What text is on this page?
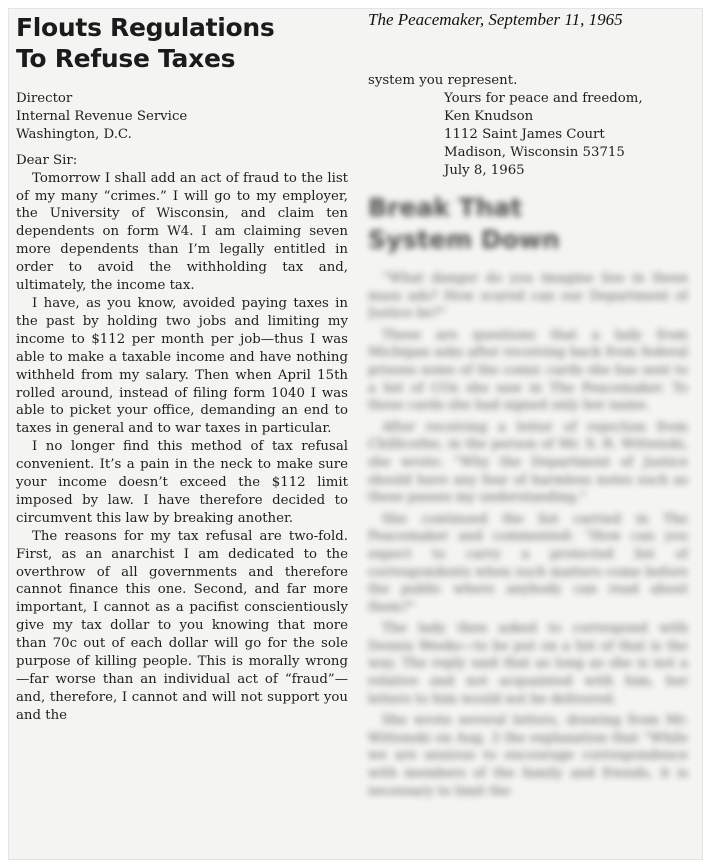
The Peacemaker, September 11, 1965
Flouts Regulations
To Refuse Taxes
Director
Internal Revenue Service
Washington, D.C.
Dear Sir:

Tomorrow I shall add an act of fraud to the list of my many “crimes.” I will go to my employer, the University of Wisconsin, and claim ten dependents on form W4. I am claiming seven more dependents than I’m legally entitled in order to avoid the withholding tax and, ultimately, the income tax.

I have, as you know, avoided paying taxes in the past by holding two jobs and limiting my income to $112 per month per job—thus I was able to make a taxable income and have nothing withheld from my salary. Then when April 15th rolled around, instead of filing form 1040 I was able to picket your office, demanding an end to taxes in general and to war taxes in particular.

I no longer find this method of tax refusal convenient. It’s a pain in the neck to make sure your income doesn’t exceed the $112 limit imposed by law. I have therefore decided to circumvent this law by breaking another.

The reasons for my tax refusal are two-fold. First, as an anarchist I am dedicated to the overthrow of all governments and therefore cannot finance this one. Second, and far more important, I cannot as a pacifist conscientiously give my tax dollar to you knowing that more than 70c out of each dollar will go for the sole purpose of killing people. This is morally wrong—far worse than an individual act of “fraud”—and, therefore, I cannot and will not support you and the

system you represent.

Yours for peace and freedom,
Ken Knudson
1112 Saint James Court
Madison, Wisconsin 53715
July 8, 1965
Break That
System Down

“What danger do you imagine lies in these mass ads? How scared can our Department of Justice be?”

These are questions that a lady from Michigan asks after receiving back from federal prisons some of the comic cards she has sent to a list of COs she saw in The Peacemaker. To these cards she had signed only her name.

After receiving a letter of rejection from Chillicothe, in the person of Mr. S. R. Wittenski, she wrote: “Why the Department of Justice should have any fear of harmless notes such as these passes my understanding.”

She continued the list carried in The Peacemaker and commented: “How can you expect to carry a protected list of correspondents when such matters come before the public where anybody can read about them?”

The lady then asked to correspond with Dennis Weeks—to be put on a list of that is the way. The reply said that as long as she is not a relative and not acquainted with him, her letters to him would not be delivered.

She wrote several letters, drawing from Mr. Wittenski on Aug. 3 the explanation that “While we are anxious to encourage correspondence with members of the family and friends, it is necessary to limit the
